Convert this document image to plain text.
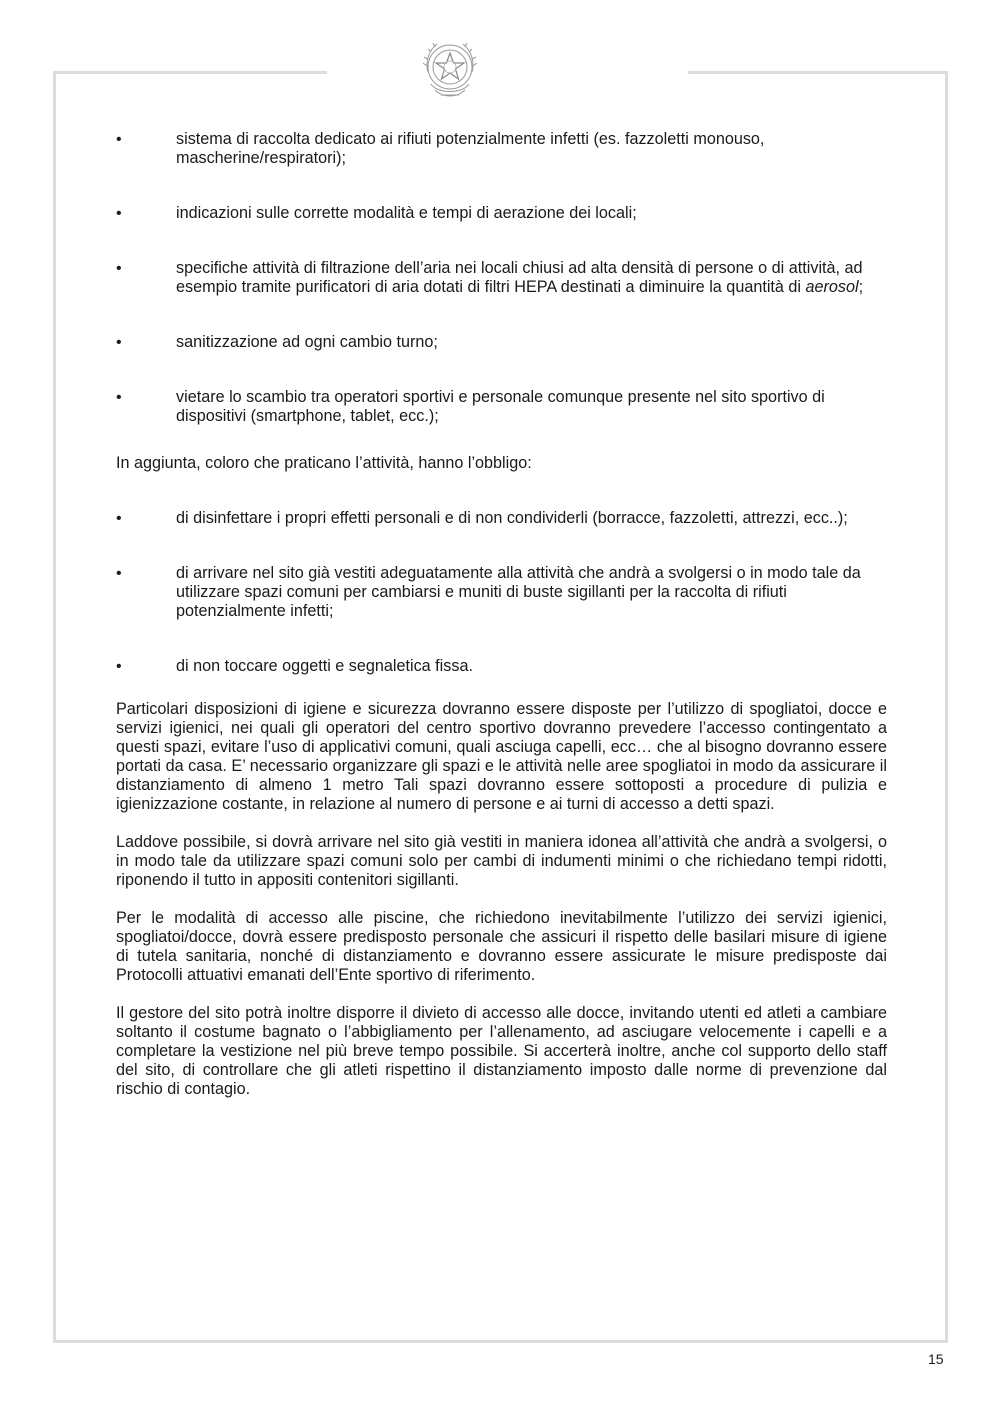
•	sistema di raccolta dedicato ai rifiuti potenzialmente infetti (es. fazzoletti monouso, mascherine/respiratori);
•	indicazioni sulle corrette modalità e tempi di aerazione dei locali;
•	specifiche attività di filtrazione dell’aria nei locali chiusi ad alta densità di persone o di attività, ad esempio tramite purificatori di aria dotati di filtri HEPA destinati a diminuire la quantità di aerosol;
•	sanitizzazione ad ogni cambio turno;
•	vietare lo scambio tra operatori sportivi e personale comunque presente nel sito sportivo di dispositivi (smartphone, tablet, ecc.);
In aggiunta, coloro che praticano l’attività, hanno l’obbligo:
•	di disinfettare i propri effetti personali e di non condividerli (borracce, fazzoletti, attrezzi, ecc..);
•	di arrivare nel sito già vestiti adeguatamente alla attività che andrà a svolgersi o in modo tale da utilizzare spazi comuni per cambiarsi e muniti di buste sigillanti per la raccolta di rifiuti potenzialmente infetti;
•	di non toccare oggetti e segnaletica fissa.

Particolari disposizioni di igiene e sicurezza dovranno essere disposte per l’utilizzo di spogliatoi, docce e servizi igienici, nei quali gli operatori del centro sportivo dovranno prevedere l’accesso contingentato a questi spazi, evitare l’uso di applicativi comuni, quali asciuga capelli, ecc… che al bisogno dovranno essere portati da casa. E’ necessario organizzare gli spazi e le attività nelle aree spogliatoi in modo da assicurare il distanziamento di almeno 1 metro Tali spazi dovranno essere sottoposti a procedure di pulizia e igienizzazione costante, in relazione al numero di persone e ai turni di accesso a detti spazi.

Laddove possibile, si dovrà arrivare nel sito già vestiti in maniera idonea all’attività che andrà a svolgersi, o in modo tale da utilizzare spazi comuni solo per cambi di indumenti minimi o che richiedano tempi ridotti, riponendo il tutto in appositi contenitori sigillanti.

Per le modalità di accesso alle piscine, che richiedono inevitabilmente l’utilizzo dei servizi igienici, spogliatoi/docce, dovrà essere predisposto personale che assicuri il rispetto delle basilari misure di igiene di tutela sanitaria, nonché di distanziamento e dovranno essere assicurate le misure predisposte dai Protocolli attuativi emanati dell’Ente sportivo di riferimento.

Il gestore del sito potrà inoltre disporre il divieto di accesso alle docce, invitando utenti ed atleti a cambiare soltanto il costume bagnato o l’abbigliamento per l’allenamento, ad asciugare velocemente i capelli e a completare la vestizione nel più breve tempo possibile. Si accerterà inoltre, anche col supporto dello staff del sito, di controllare che gli atleti rispettino il distanziamento imposto dalle norme di prevenzione dal rischio di contagio.

15
